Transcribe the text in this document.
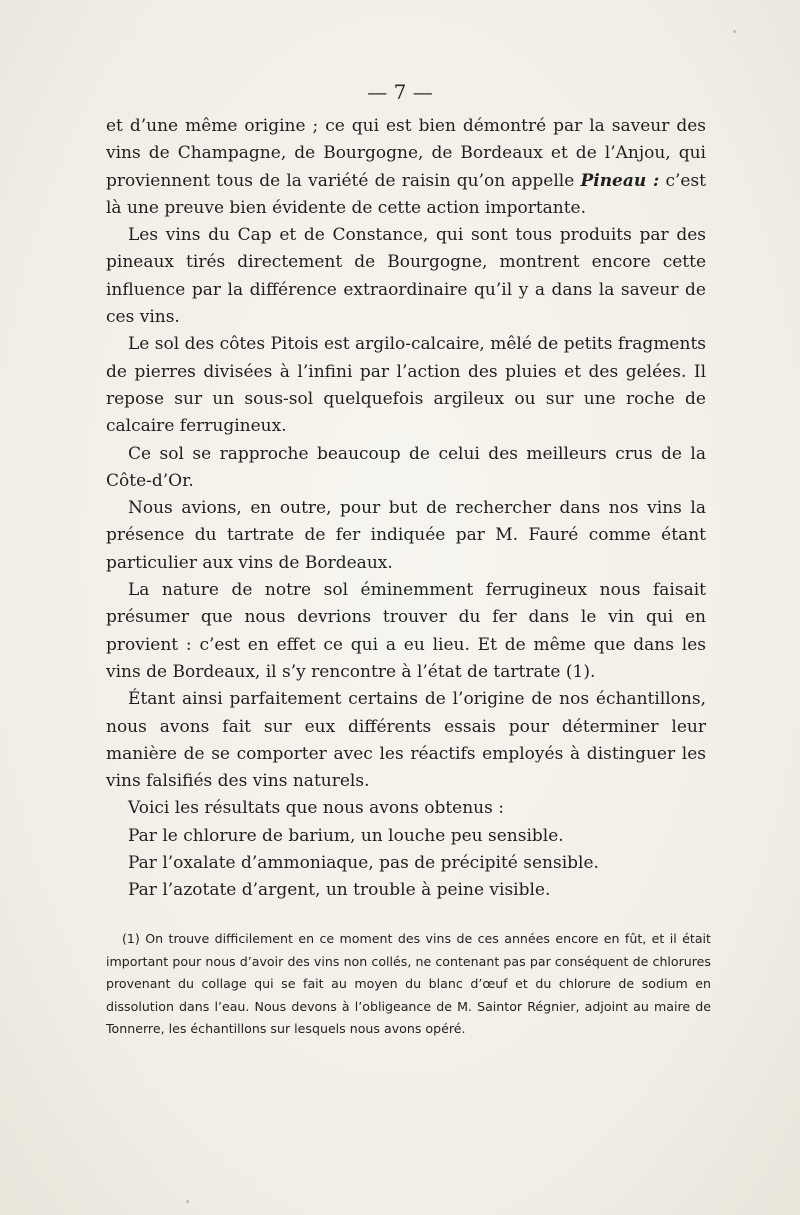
— 7 —

et d’une même origine ; ce qui est bien démontré par la saveur des vins de Champagne, de Bourgogne, de Bordeaux et de l’Anjou, qui proviennent tous de la variété de raisin qu’on appelle Pineau : c’est là une preuve bien évidente de cette action importante.

Les vins du Cap et de Constance, qui sont tous produits par des pineaux tirés directement de Bourgogne, montrent encore cette influence par la différence extraordinaire qu’il y a dans la saveur de ces vins.

Le sol des côtes Pitois est argilo-calcaire, mêlé de petits fragments de pierres divisées à l’infini par l’action des pluies et des gelées. Il repose sur un sous-sol quelquefois argileux ou sur une roche de calcaire ferrugineux.

Ce sol se rapproche beaucoup de celui des meilleurs crus de la Côte-d’Or.

Nous avions, en outre, pour but de rechercher dans nos vins la présence du tartrate de fer indiquée par M. Fauré comme étant particulier aux vins de Bordeaux.

La nature de notre sol éminemment ferrugineux nous faisait présumer que nous devrions trouver du fer dans le vin qui en provient : c’est en effet ce qui a eu lieu. Et de même que dans les vins de Bordeaux, il s’y rencontre à l’état de tartrate (1).

Étant ainsi parfaitement certains de l’origine de nos échantillons, nous avons fait sur eux différents essais pour déterminer leur manière de se comporter avec les réactifs employés à distinguer les vins falsifiés des vins naturels.

Voici les résultats que nous avons obtenus :

Par le chlorure de barium, un louche peu sensible.
Par l’oxalate d’ammoniaque, pas de précipité sensible.
Par l’azotate d’argent, un trouble à peine visible.

(1) On trouve difficilement en ce moment des vins de ces années encore en fût, et il était important pour nous d’avoir des vins non collés, ne contenant pas par conséquent de chlorures provenant du collage qui se fait au moyen du blanc d’œuf et du chlorure de sodium en dissolution dans l’eau. Nous devons à l’obligeance de M. Saintor Régnier, adjoint au maire de Tonnerre, les échantillons sur lesquels nous avons opéré.
